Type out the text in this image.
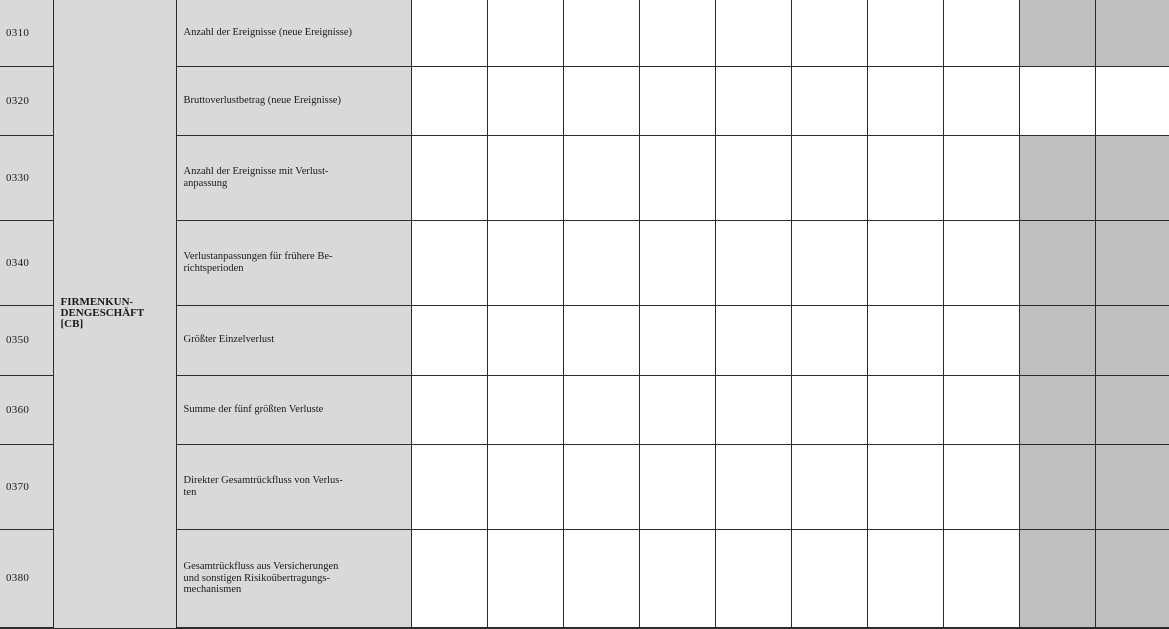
0310	FIRMENKUN-
DENGESCHÄFT
[CB]	Anzahl der Ereignisse (neue Ereignisse)										

0320		Bruttoverlustbetrag (neue Ereignisse)										

0330		Anzahl der Ereignisse mit Verlust-
anpassung										

0340		Verlustanpassungen für frühere Be-
richtsperioden										

0350		Größter Einzelverlust										

0360		Summe der fünf größten Verluste										

0370		Direkter Gesamtrückfluss von Verlus-
ten										

0380		Gesamtrückfluss aus Versicherungen
und sonstigen Risikoübertragungs-
mechanismen										
